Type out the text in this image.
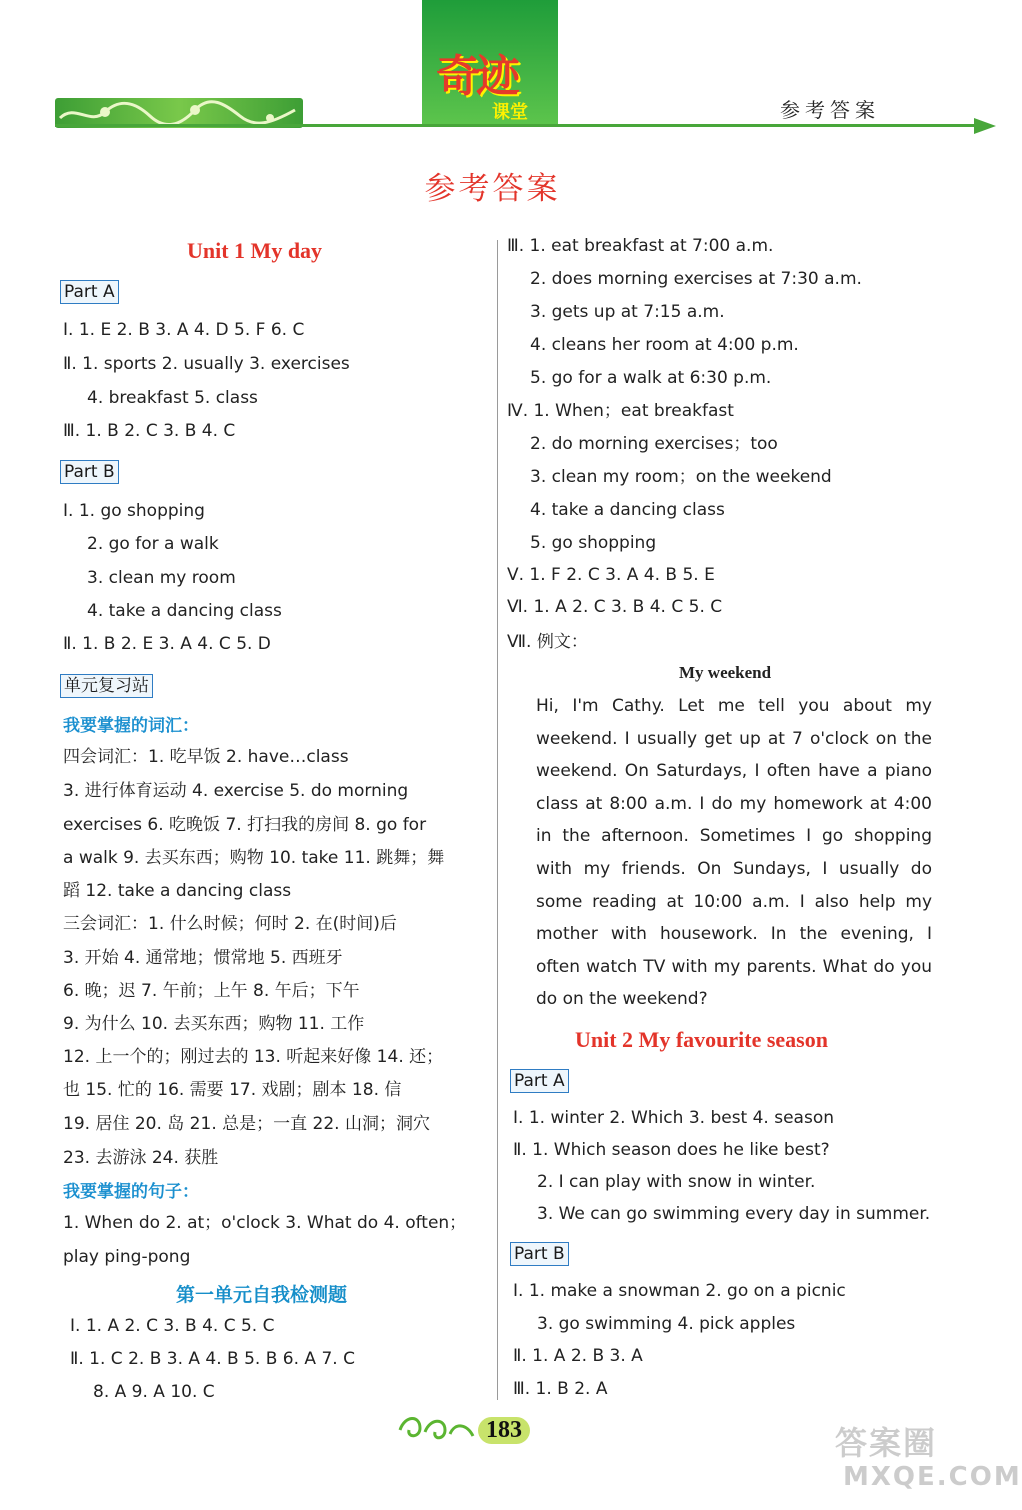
奇迹
课堂	参考答案
参考答案
Unit 1 My day
Part A
Ⅰ. 1. E 2. B 3. A 4. D 5. F 6. C
Ⅱ. 1. sports 2. usually 3. exercises
4. breakfast 5. class
Ⅲ. 1. B 2. C 3. B 4. C
Part B
Ⅰ. 1. go shopping
2. go for a walk
3. clean my room
4. take a dancing class
Ⅱ. 1. B 2. E 3. A 4. C 5. D
单元复习站
我要掌握的词汇：
四会词汇：1. 吃早饭 2. have…class
3. 进行体育运动 4. exercise 5. do morning
exercises 6. 吃晚饭 7. 打扫我的房间 8. go for
a walk 9. 去买东西；购物 10. take 11. 跳舞；舞
蹈 12. take a dancing class
三会词汇：1. 什么时候；何时 2. 在(时间)后
3. 开始 4. 通常地；惯常地 5. 西班牙
6. 晚；迟 7. 午前；上午 8. 午后；下午
9. 为什么 10. 去买东西；购物 11. 工作
12. 上一个的；刚过去的 13. 听起来好像 14. 还；
也 15. 忙的 16. 需要 17. 戏剧；剧本 18. 信
19. 居住 20. 岛 21. 总是；一直 22. 山洞；洞穴
23. 去游泳 24. 获胜
我要掌握的句子：
1. When do 2. at；o'clock 3. What do 4. often；
play ping-pong
第一单元自我检测题
Ⅰ. 1. A 2. C 3. B 4. C 5. C
Ⅱ. 1. C 2. B 3. A 4. B 5. B 6. A 7. C
8. A 9. A 10. C
Ⅲ. 1. eat breakfast at 7:00 a.m.
2. does morning exercises at 7:30 a.m.
3. gets up at 7:15 a.m.
4. cleans her room at 4:00 p.m.
5. go for a walk at 6:30 p.m.
Ⅳ. 1. When；eat breakfast
2. do morning exercises；too
3. clean my room；on the weekend
4. take a dancing class
5. go shopping
Ⅴ. 1. F 2. C 3. A 4. B 5. E
Ⅵ. 1. A 2. C 3. B 4. C 5. C
Ⅶ. 例文：
My weekend
Hi, I'm Cathy. Let me tell you about my weekend. I usually get up at 7 o'clock on the weekend. On Saturdays, I often have a piano class at 8:00 a.m. I do my homework at 4:00 in the afternoon. Sometimes I go shopping with my friends. On Sundays, I usually do some reading at 10:00 a.m. I also help my mother with housework. In the evening, I often watch TV with my parents. What do you do on the weekend?
Unit 2 My favourite season
Part A
Ⅰ. 1. winter 2. Which 3. best 4. season
Ⅱ. 1. Which season does he like best?
2. I can play with snow in winter.
3. We can go swimming every day in summer.
Part B
Ⅰ. 1. make a snowman 2. go on a picnic
3. go swimming 4. pick apples
Ⅱ. 1. A 2. B 3. A
Ⅲ. 1. B 2. A
183	答案圈
MXQE.COM
